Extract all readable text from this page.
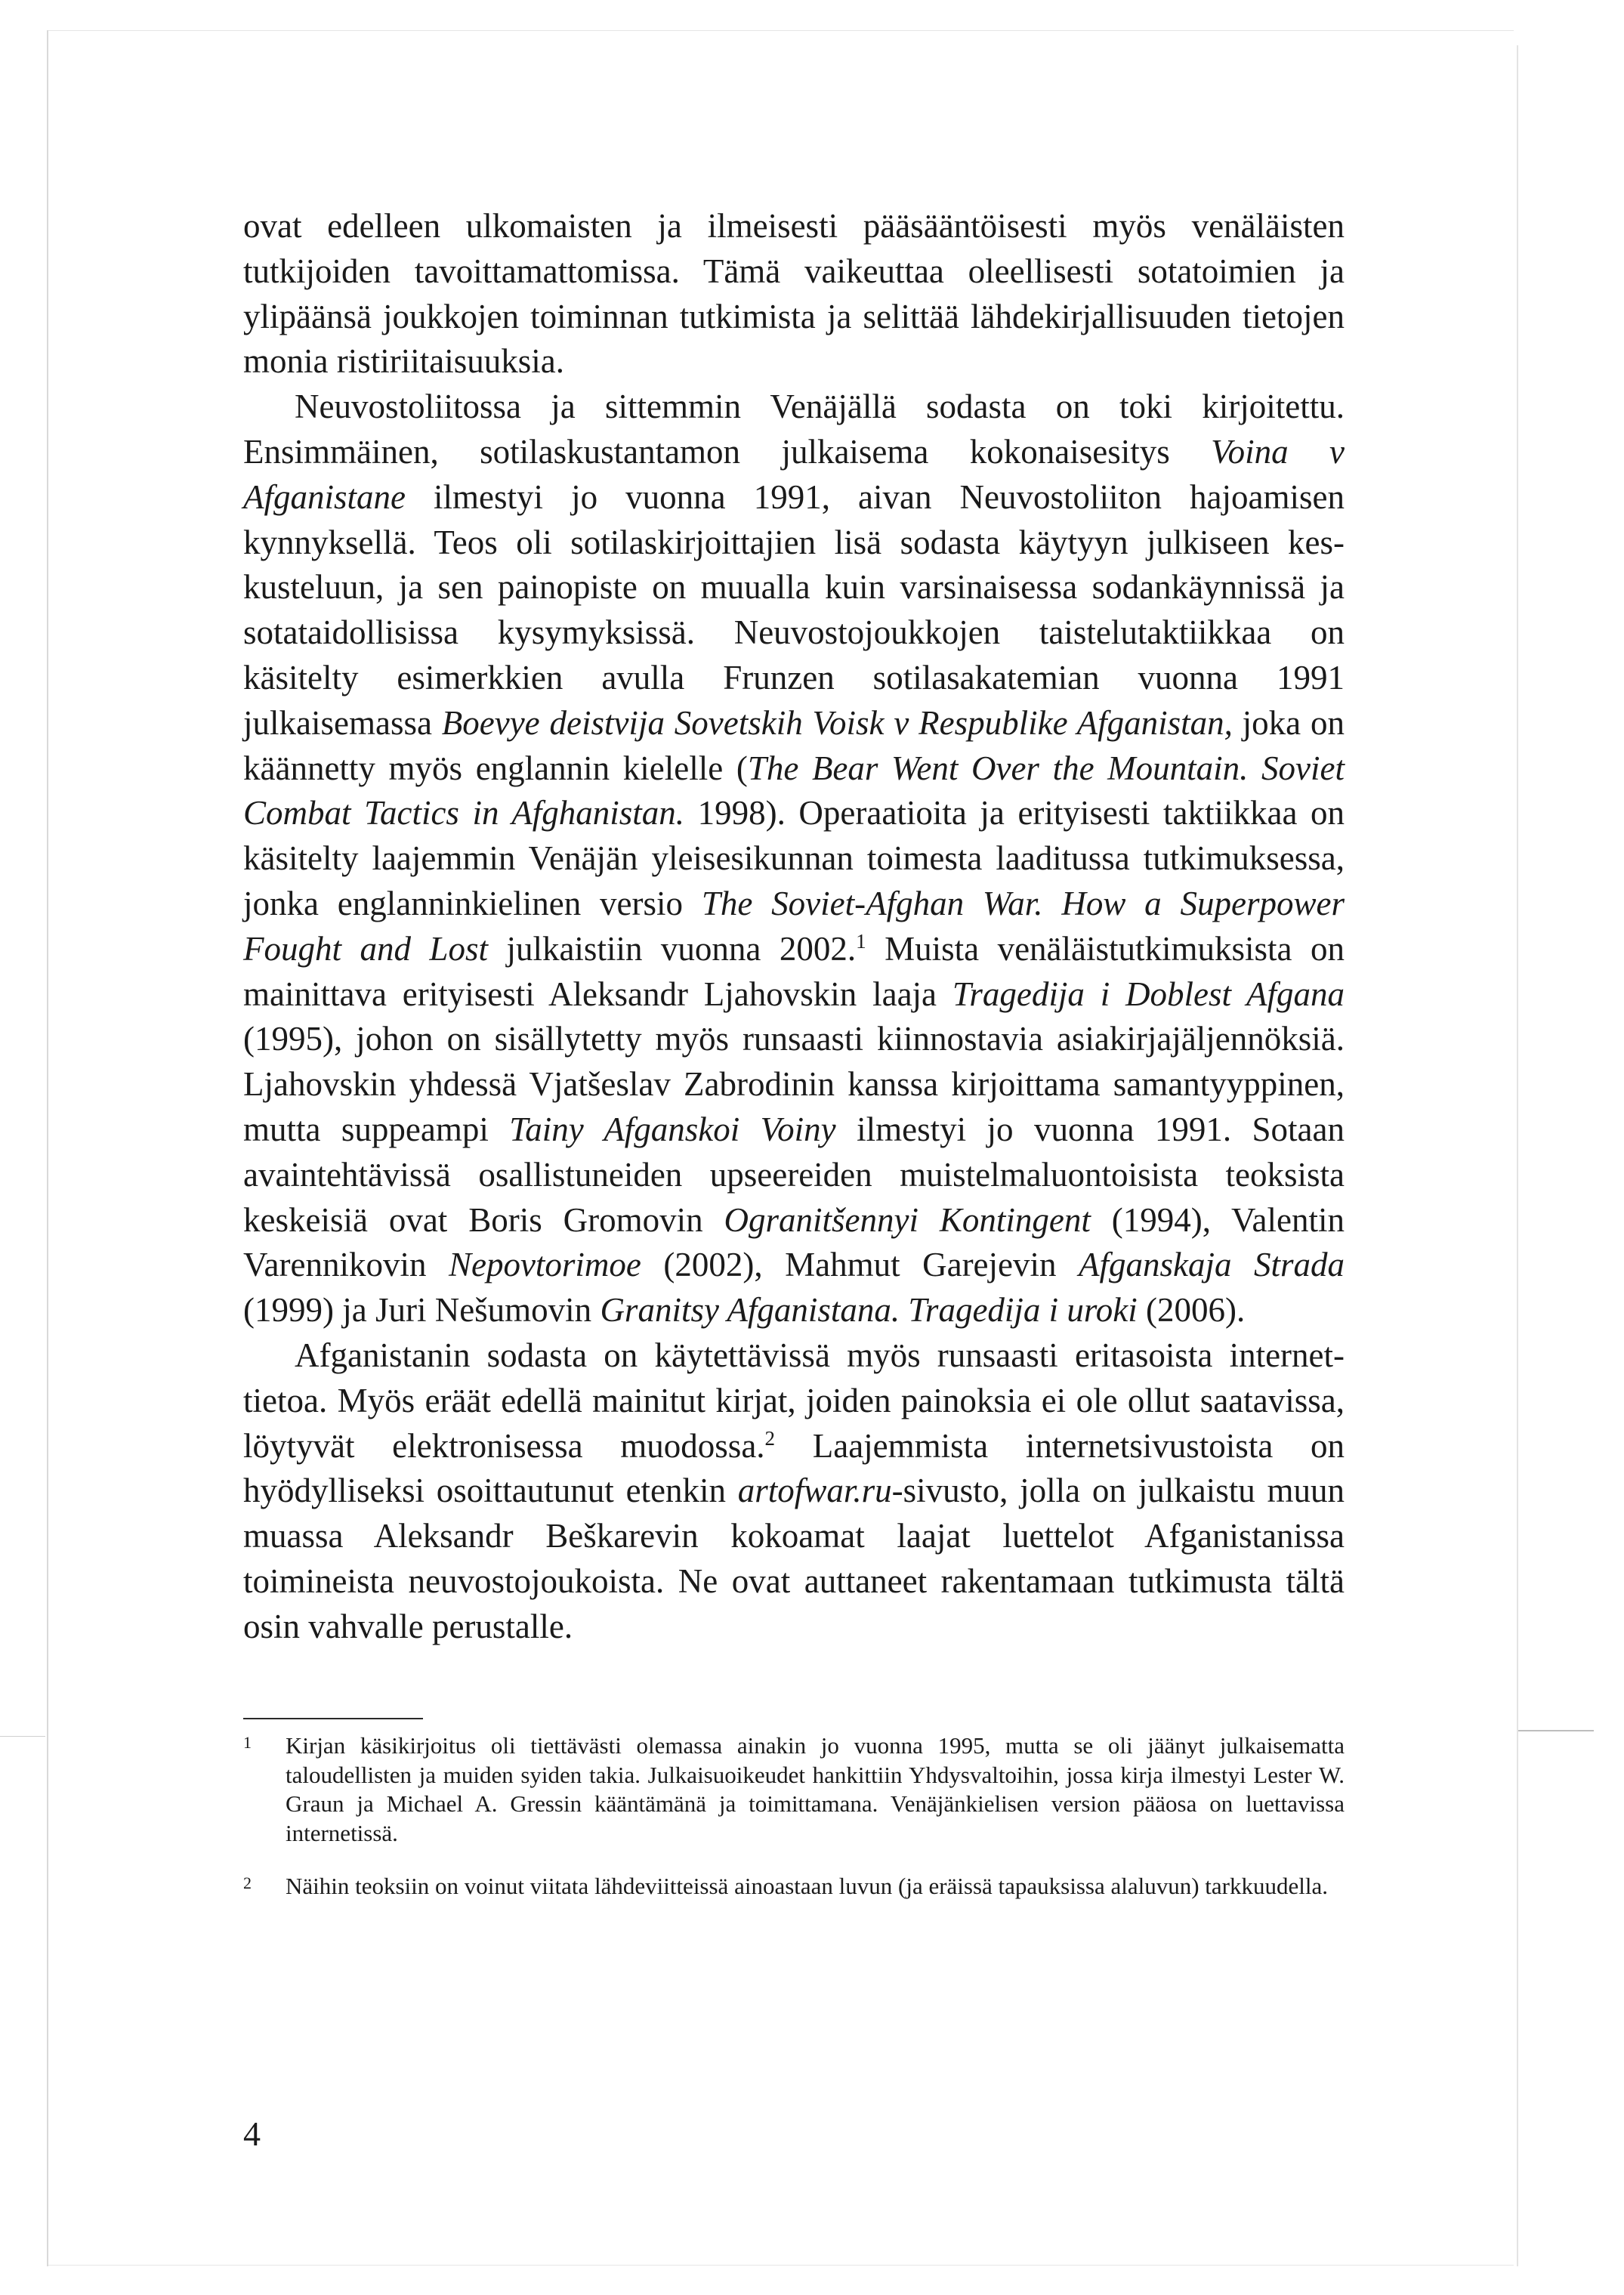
ovat edelleen ulkomaisten ja ilmeisesti pääsääntöisesti myös venäläisten tutkijoiden tavoittamattomissa. Tämä vaikeuttaa oleellisesti sotatoimien ja ylipäänsä joukkojen toiminnan tutkimista ja selittää lähdekirjallisuuden tietojen monia ristiriitaisuuksia.

Neuvostoliitossa ja sittemmin Venäjällä sodasta on toki kirjoitettu. Ensimmäinen, sotilaskustantamon julkaisema kokonaisesitys Voina v Afganistane ilmestyi jo vuonna 1991, aivan Neuvostoliiton hajoamisen kynnyksellä. Teos oli sotilaskirjoittajien lisä sodasta käytyyn julkiseen keskusteluun, ja sen painopiste on muualla kuin varsinaisessa sodankäynnissä ja sotataidollisissa kysymyksissä. Neuvostojoukkojen taistelutaktiikkaa on käsitelty esimerkkien avulla Frunzen sotilasakatemian vuonna 1991 julkaisemassa Boevye deistvija Sovetskih Voisk v Respublike Afganistan, joka on käännetty myös englannin kielelle (The Bear Went Over the Mountain. Soviet Combat Tactics in Afghanistan. 1998). Operaatioita ja erityisesti taktiikkaa on käsitelty laajemmin Venäjän yleisesikunnan toimesta laaditussa tutkimuksessa, jonka englanninkielinen versio The Soviet-Afghan War. How a Superpower Fought and Lost julkaistiin vuonna 2002.$^1$ Muista venäläistutkimuksista on mainittava erityisesti Aleksandr Ljahovskin laaja Tragedija i Doblest Afgana (1995), johon on sisällytetty myös runsaasti kiinnostavia asiakirjajäljennöksiä. Ljahovskin yhdessä Vjatšeslav Zabrodinin kanssa kirjoittama samantyyppinen, mutta suppeampi Tainy Afganskoi Voiny ilmestyi jo vuonna 1991. Sotaan avaintehtävissä osallistuneiden upseereiden muistelmaluontoisista teoksista keskeisiä ovat Boris Gromovin Ogranitšennyi Kontingent (1994), Valentin Varennikovin Nepovtorimoe (2002), Mahmut Garejevin Afganskaja Strada (1999) ja Juri Nešumovin Granitsy Afganistana. Tragedija i uroki (2006).

Afganistanin sodasta on käytettävissä myös runsaasti eritasoista internet-tietoa. Myös eräät edellä mainitut kirjat, joiden painoksia ei ole ollut saatavissa, löytyvät elektronisessa muodossa.$^2$ Laajemmista internetsivustoista on hyödylliseksi osoittautunut etenkin artofwar.ru-sivusto, jolla on julkaistu muun muassa Aleksandr Beškarevin kokoamat laajat luettelot Afganistanissa toimineista neuvostojoukoista. Ne ovat auttaneet rakentamaan tutkimusta tältä osin vahvalle perustalle.

1 Kirjan käsikirjoitus oli tiettävästi olemassa ainakin jo vuonna 1995, mutta se oli jäänyt julkaisematta taloudellisten ja muiden syiden takia. Julkaisuoikeudet hankittiin Yhdysvaltoihin, jossa kirja ilmestyi Lester W. Graun ja Michael A. Gressin kääntämänä ja toimittamana. Venäjänkielisen version pääosa on luettavissa internetissä.
2 Näihin teoksiin on voinut viitata lähdeviitteissä ainoastaan luvun (ja eräissä tapauksissa alaluvun) tarkkuudella.
4
